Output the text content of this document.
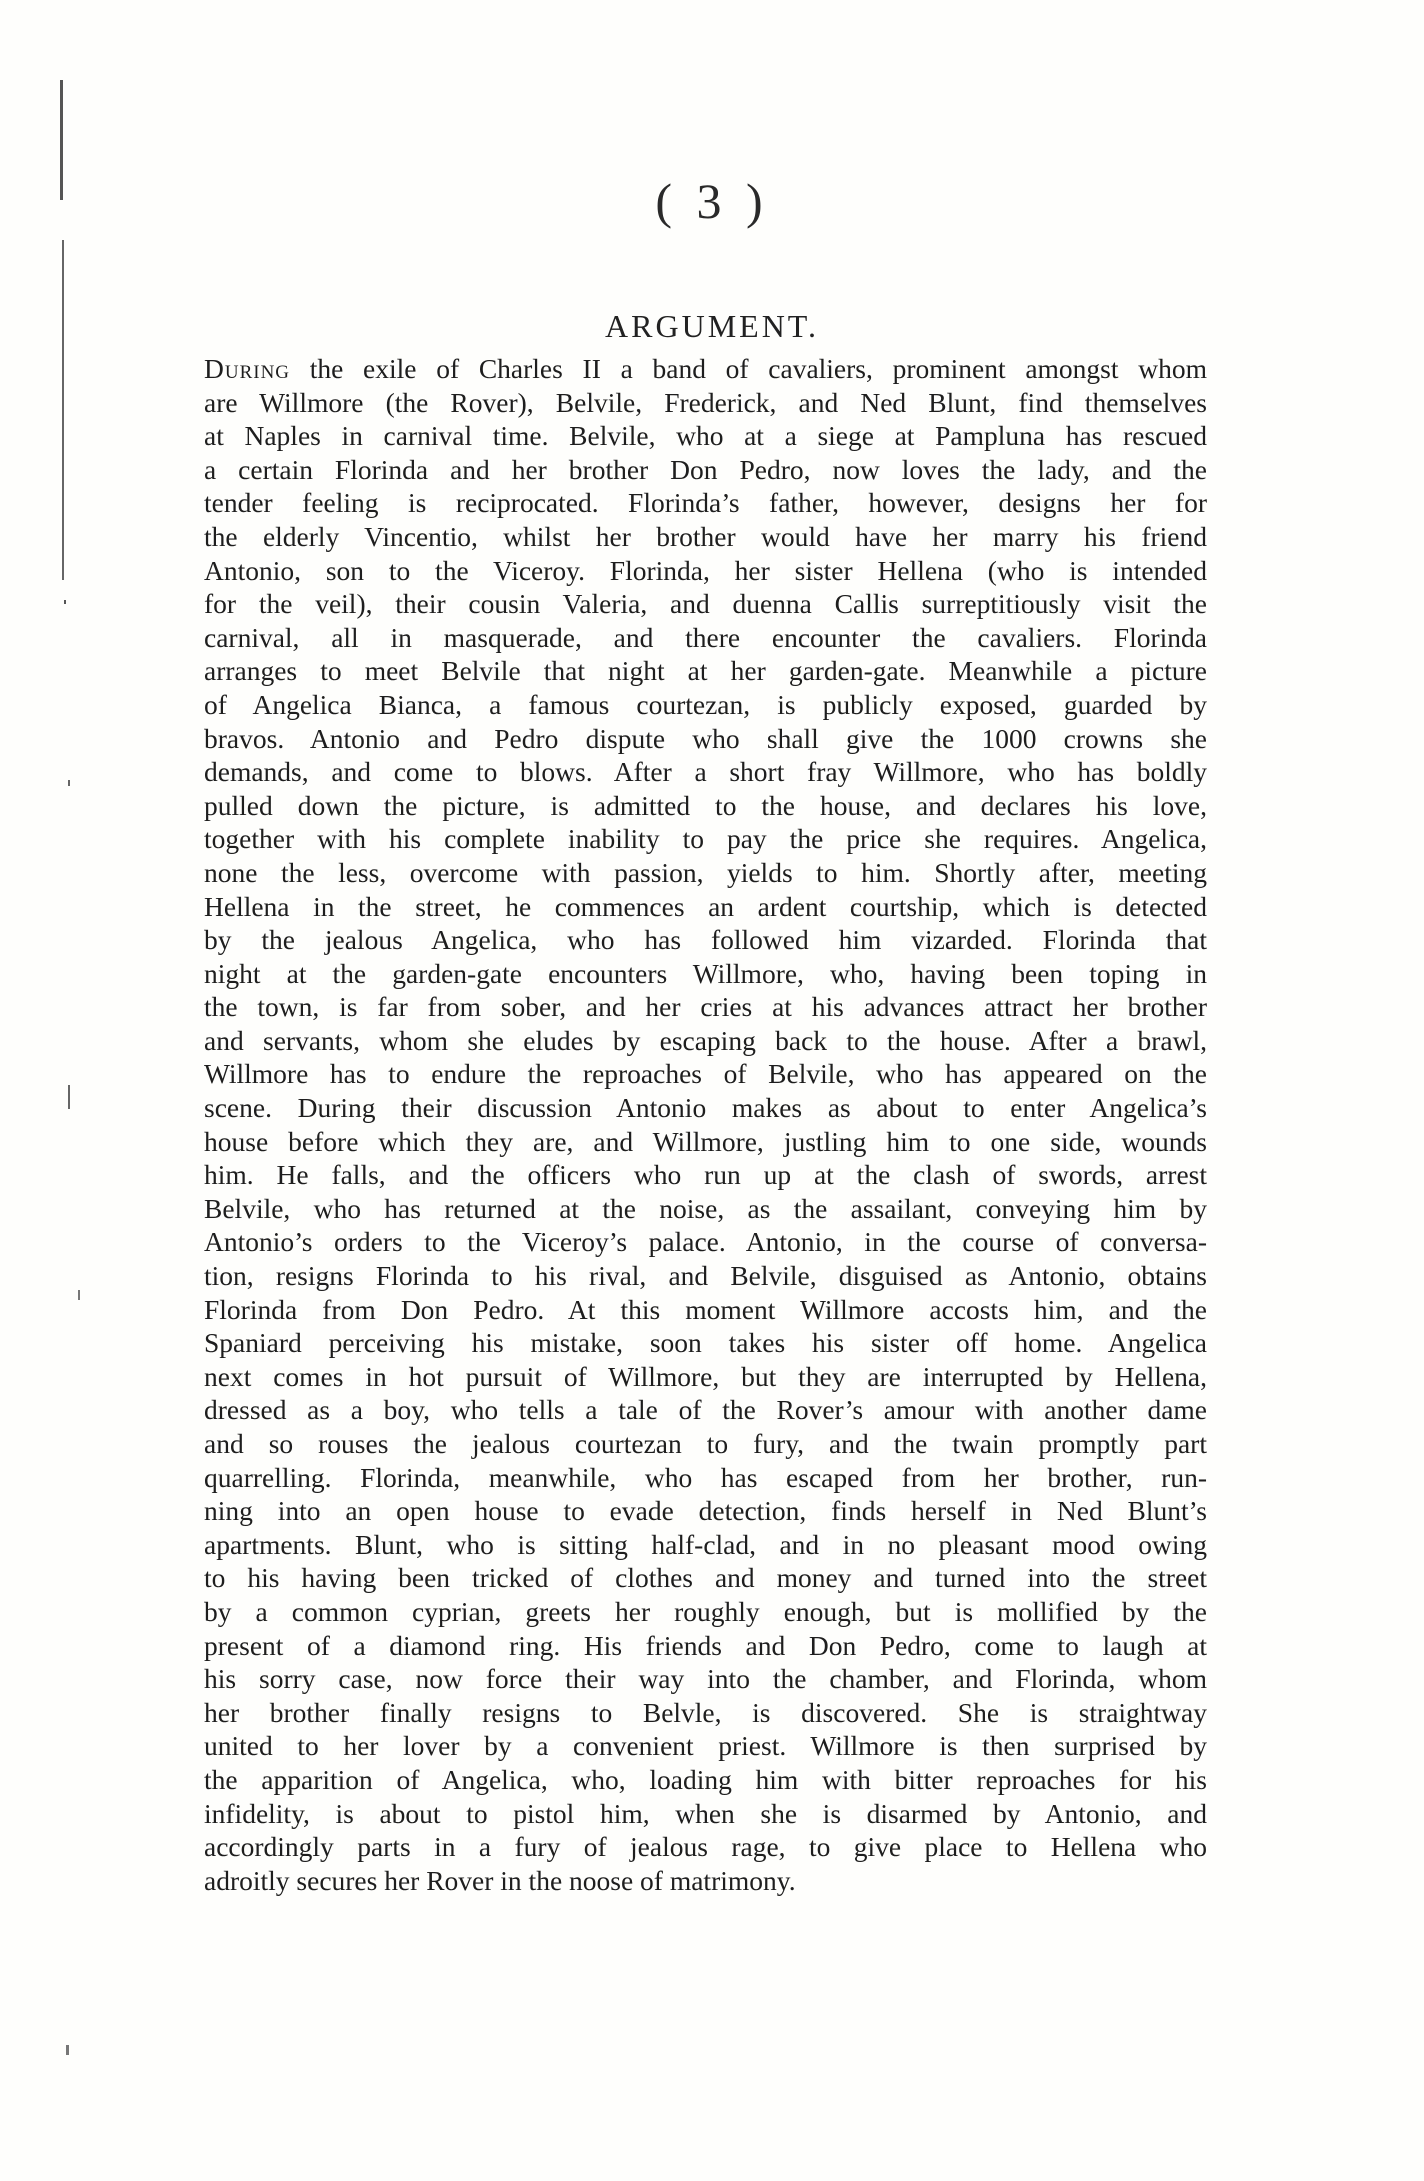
( 3 )
ARGUMENT.
During the exile of Charles II a band of cavaliers, prominent amongst whom
are Willmore (the Rover), Belvile, Frederick, and Ned Blunt, find themselves
at Naples in carnival time. Belvile, who at a siege at Pampluna has rescued
a certain Florinda and her brother Don Pedro, now loves the lady, and the
tender feeling is reciprocated. Florinda’s father, however, designs her for
the elderly Vincentio, whilst her brother would have her marry his friend
Antonio, son to the Viceroy. Florinda, her sister Hellena (who is intended
for the veil), their cousin Valeria, and duenna Callis surreptitiously visit the
carnival, all in masquerade, and there encounter the cavaliers. Florinda
arranges to meet Belvile that night at her garden-gate. Meanwhile a picture
of Angelica Bianca, a famous courtezan, is publicly exposed, guarded by
bravos. Antonio and Pedro dispute who shall give the 1000 crowns she
demands, and come to blows. After a short fray Willmore, who has boldly
pulled down the picture, is admitted to the house, and declares his love,
together with his complete inability to pay the price she requires. Angelica,
none the less, overcome with passion, yields to him. Shortly after, meeting
Hellena in the street, he commences an ardent courtship, which is detected
by the jealous Angelica, who has followed him vizarded. Florinda that
night at the garden-gate encounters Willmore, who, having been toping in
the town, is far from sober, and her cries at his advances attract her brother
and servants, whom she eludes by escaping back to the house. After a brawl,
Willmore has to endure the reproaches of Belvile, who has appeared on the
scene. During their discussion Antonio makes as about to enter Angelica’s
house before which they are, and Willmore, justling him to one side, wounds
him. He falls, and the officers who run up at the clash of swords, arrest
Belvile, who has returned at the noise, as the assailant, conveying him by
Antonio’s orders to the Viceroy’s palace. Antonio, in the course of conversa-
tion, resigns Florinda to his rival, and Belvile, disguised as Antonio, obtains
Florinda from Don Pedro. At this moment Willmore accosts him, and the
Spaniard perceiving his mistake, soon takes his sister off home. Angelica
next comes in hot pursuit of Willmore, but they are interrupted by Hellena,
dressed as a boy, who tells a tale of the Rover’s amour with another dame
and so rouses the jealous courtezan to fury, and the twain promptly part
quarrelling. Florinda, meanwhile, who has escaped from her brother, run-
ning into an open house to evade detection, finds herself in Ned Blunt’s
apartments. Blunt, who is sitting half-clad, and in no pleasant mood owing
to his having been tricked of clothes and money and turned into the street
by a common cyprian, greets her roughly enough, but is mollified by the
present of a diamond ring. His friends and Don Pedro, come to laugh at
his sorry case, now force their way into the chamber, and Florinda, whom
her brother finally resigns to Belvle, is discovered. She is straightway
united to her lover by a convenient priest. Willmore is then surprised by
the apparition of Angelica, who, loading him with bitter reproaches for his
infidelity, is about to pistol him, when she is disarmed by Antonio, and
accordingly parts in a fury of jealous rage, to give place to Hellena who
adroitly secures her Rover in the noose of matrimony.
